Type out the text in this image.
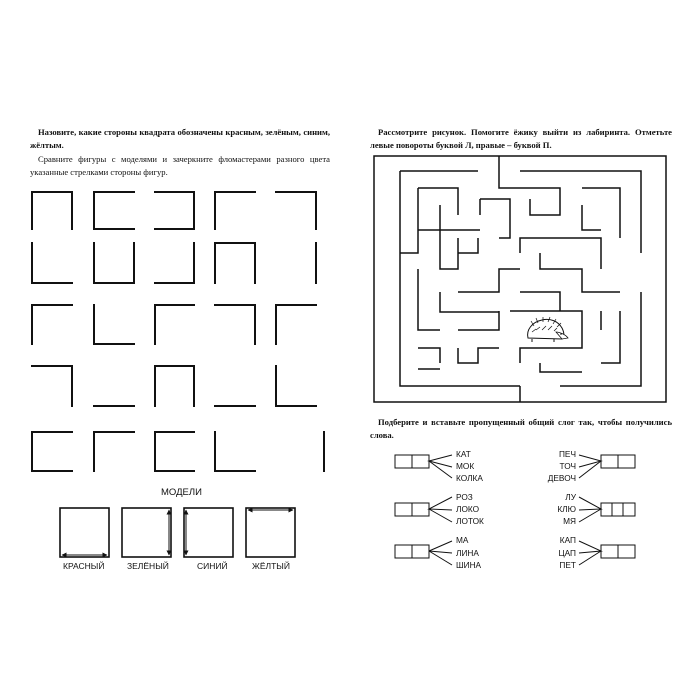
Назовите, какие стороны квадрата обозначены красным, зелёным, синим, жёлтым.
Сравните фигуры с моделями и зачеркните фломастерами разного цвета указанные стрелками стороны фигур.
Рассмотрите рисунок. Помогите ёжику выйти из лабиринта. Отметьте левые повороты буквой Л, правые – буквой П.
Подберите и вставьте пропущенный общий слог так, чтобы получились слова.
МОДЕЛИ
КРАСНЫЙ	ЗЕЛЁНЫЙ	СИНИЙ	ЖЁЛТЫЙ
КАТ
МОК
КОЛКА
РОЗ
ЛОКО
ЛОТОК
МА
ЛИНА
ШИНА
ПЕЧ
ТОЧ
ДЕВОЧ
ЛУ
КЛЮ
МЯ
КАП
ЦАП
ПЕТ
